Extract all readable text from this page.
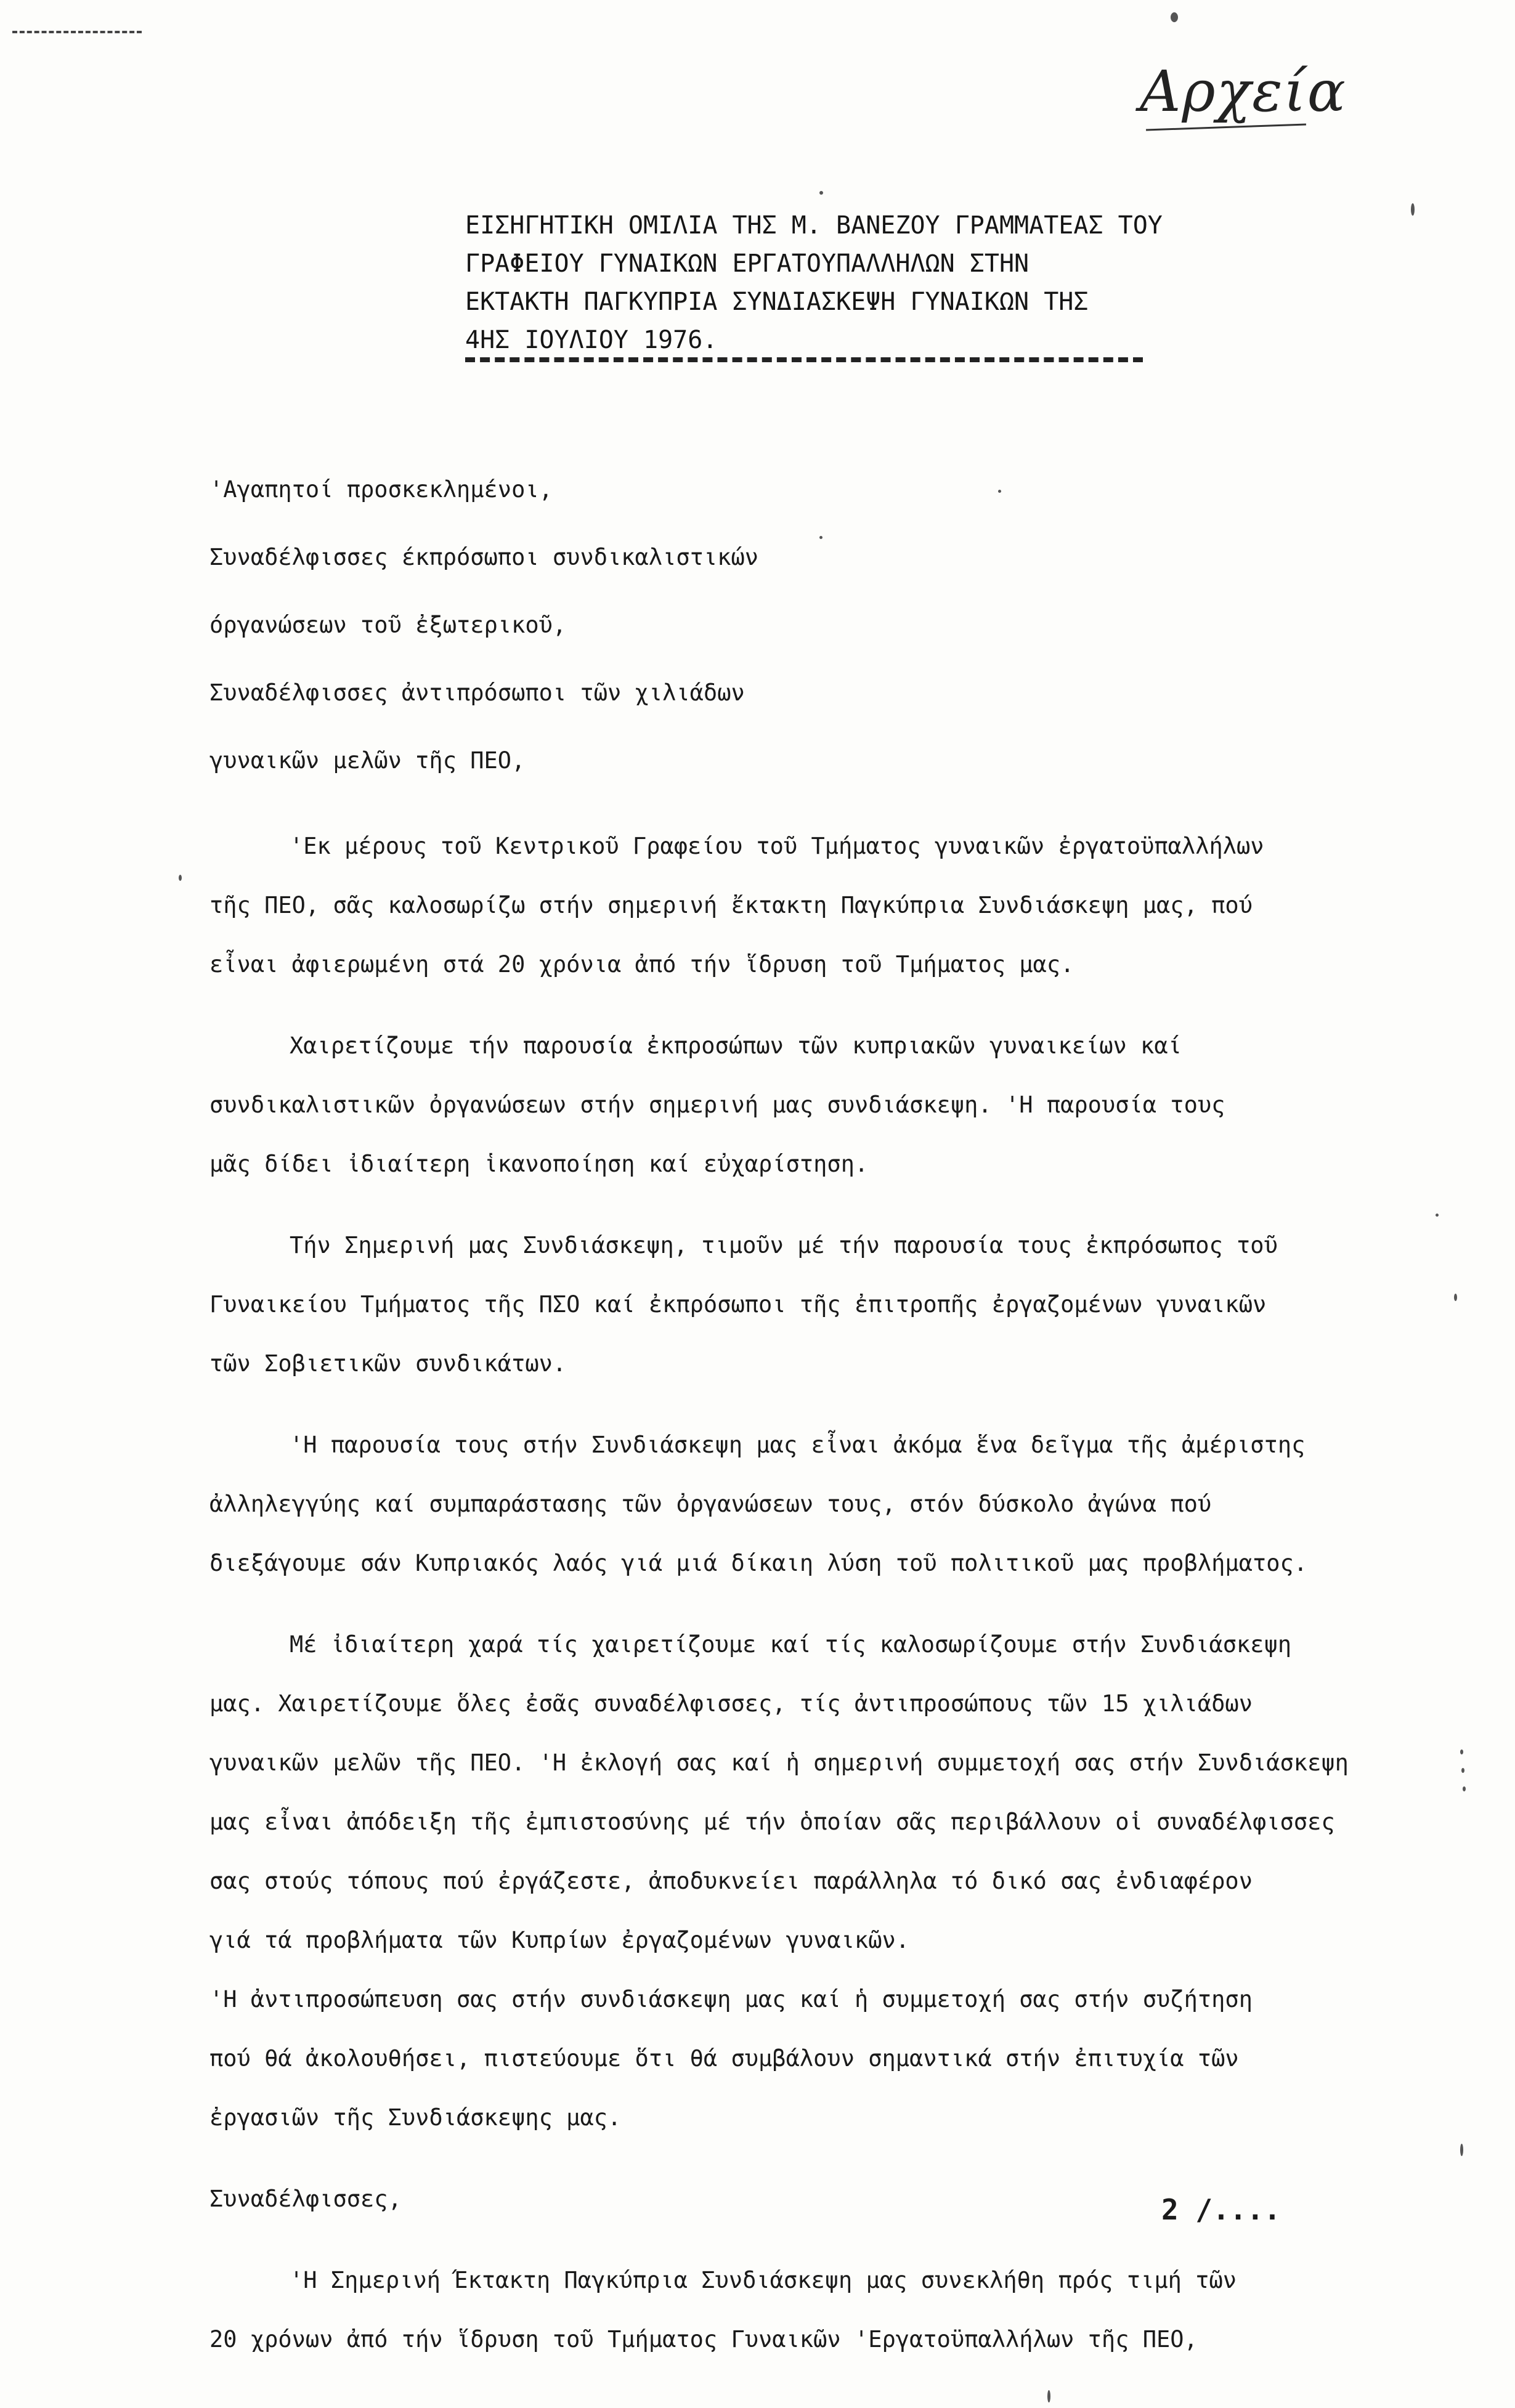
Αρχεία
ΕΙΣΗΓΗΤΙΚΗ ΟΜΙΛΙΑ ΤΗΣ Μ. ΒΑΝΕΖΟΥ ΓΡΑΜΜΑΤΕΑΣ ΤΟΥ
ΓΡΑΦΕΙΟΥ ΓΥΝΑΙΚΩΝ ΕΡΓΑΤΟΥΠΑΛΛΗΛΩΝ ΣΤΗΝ
ΕΚΤΑΚΤΗ ΠΑΓΚΥΠΡΙΑ ΣΥΝΔΙΑΣΚΕΨΗ ΓΥΝΑΙΚΩΝ ΤΗΣ
4ΗΣ ΙΟΥΛΙΟΥ 1976.
'Αγαπητοί προσκεκλημένοι,
Συναδέλφισσες έκπρόσωποι συνδικαλιστικών
όργανώσεων τοῦ ἐξωτερικοῦ,
Συναδέλφισσες ἀντιπρόσωποι τῶν χιλιάδων
γυναικῶν μελῶν τῆς ΠΕΟ,
'Εκ μέρους τοῦ Κεντρικοῦ Γραφείου τοῦ Τμήματος γυναικῶν ἐργατοϋπαλλήλων
τῆς ΠΕΟ, σᾶς καλοσωρίζω στήν σημερινή ἔκτακτη Παγκύπρια Συνδιάσκεψη μας, πού
εἶναι ἀφιερωμένη στά 20 χρόνια ἀπό τήν ἵδρυση τοῦ Τμήματος μας.
Χαιρετίζουμε τήν παρουσία ἐκπροσώπων τῶν κυπριακῶν γυναικείων καί
συνδικαλιστικῶν ὀργανώσεων στήν σημερινή μας συνδιάσκεψη. 'Η παρουσία τους
μᾶς δίδει ἰδιαίτερη ἱκανοποίηση καί εὐχαρίστηση.
Τήν Σημερινή μας Συνδιάσκεψη, τιμοῦν μέ τήν παρουσία τους ἐκπρόσωπος τοῦ
Γυναικείου Τμήματος τῆς ΠΣΟ καί ἐκπρόσωποι τῆς ἐπιτροπῆς ἐργαζομένων γυναικῶν
τῶν Σοβιετικῶν συνδικάτων.
'Η παρουσία τους στήν Συνδιάσκεψη μας εἶναι ἀκόμα ἕνα δεῖγμα τῆς ἀμέριστης
ἀλληλεγγύης καί συμπαράστασης τῶν ὀργανώσεων τους, στόν δύσκολο ἀγώνα πού
διεξάγουμε σάν Κυπριακός λαός γιά μιά δίκαιη λύση τοῦ πολιτικοῦ μας προβλήματος.
Μέ ἰδιαίτερη χαρά τίς χαιρετίζουμε καί τίς καλοσωρίζουμε στήν Συνδιάσκεψη
μας. Χαιρετίζουμε ὅλες ἐσᾶς συναδέλφισσες, τίς ἀντιπροσώπους τῶν 15 χιλιάδων
γυναικῶν μελῶν τῆς ΠΕΟ. 'Η ἐκλογή σας καί ἡ σημερινή συμμετοχή σας στήν Συνδιάσκεψη
μας εἶναι ἀπόδειξη τῆς ἐμπιστοσύνης μέ τήν ὁποίαν σᾶς περιβάλλουν οἱ συναδέλφισσες
σας στούς τόπους πού ἐργάζεστε, ἀποδυκνείει παράλληλα τό δικό σας ἐνδιαφέρον
γιά τά προβλήματα τῶν Κυπρίων ἐργαζομένων γυναικῶν.
'Η ἀντιπροσώπευση σας στήν συνδιάσκεψη μας καί ἡ συμμετοχή σας στήν συζήτηση
πού θά ἀκολουθήσει, πιστεύουμε ὅτι θά συμβάλουν σημαντικά στήν ἐπιτυχία τῶν
ἐργασιῶν τῆς Συνδιάσκεψης μας.
Συναδέλφισσες,
'Η Σημερινή Έκτακτη Παγκύπρια Συνδιάσκεψη μας συνεκλήθη πρός τιμή τῶν
20 χρόνων ἀπό τήν ἵδρυση τοῦ Τμήματος Γυναικῶν 'Εργατοϋπαλλήλων τῆς ΠΕΟ,
2 /....
